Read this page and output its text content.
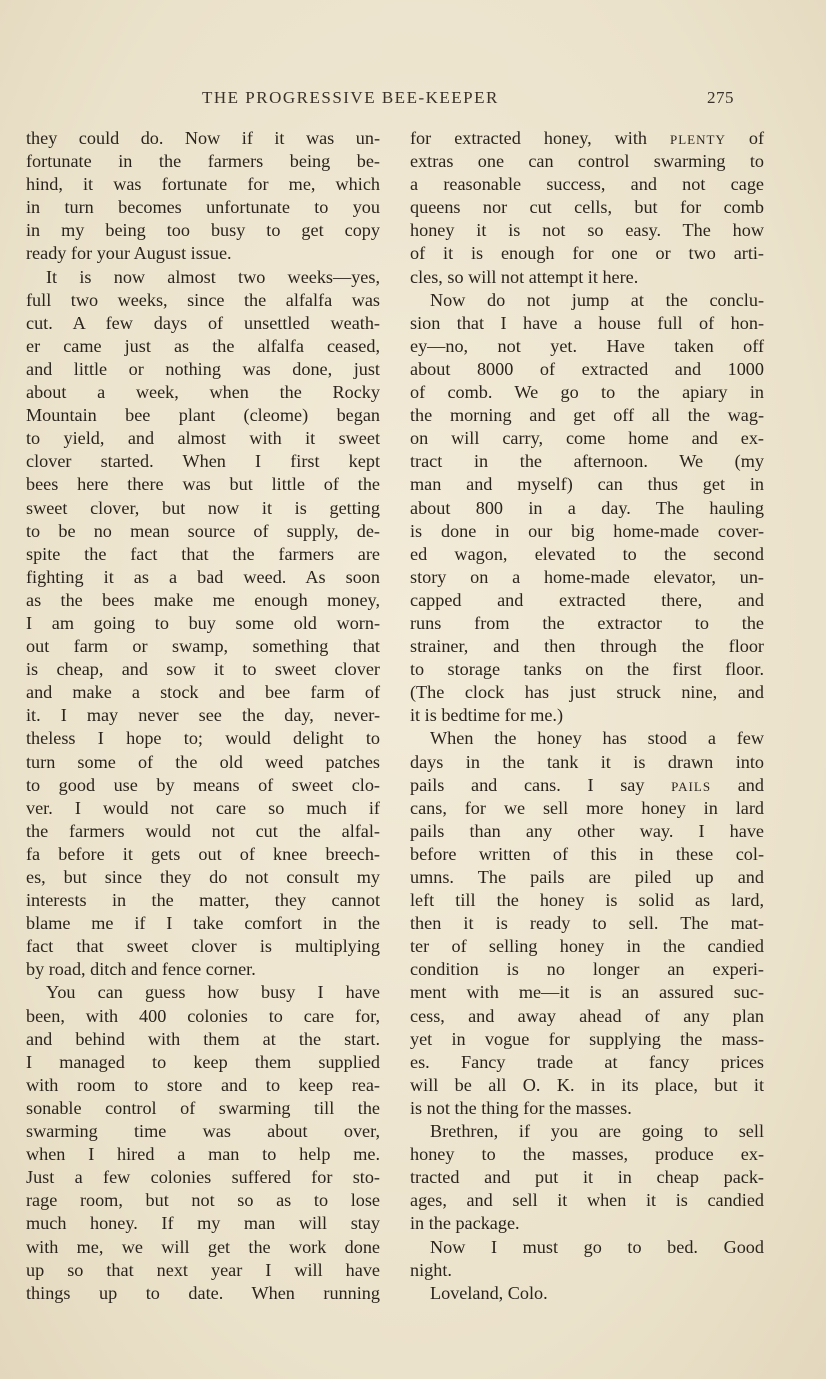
THE PROGRESSIVE BEE-KEEPER	275
they could do. Now if it was un-
fortunate in the farmers being be-
hind, it was fortunate for me, which
in turn becomes unfortunate to you
in my being too busy to get copy
ready for your August issue.
It is now almost two weeks—yes,
full two weeks, since the alfalfa was
cut. A few days of unsettled weath-
er came just as the alfalfa ceased,
and little or nothing was done, just
about a week, when the Rocky
Mountain bee plant (cleome) began
to yield, and almost with it sweet
clover started. When I first kept
bees here there was but little of the
sweet clover, but now it is getting
to be no mean source of supply, de-
spite the fact that the farmers are
fighting it as a bad weed. As soon
as the bees make me enough money,
I am going to buy some old worn-
out farm or swamp, something that
is cheap, and sow it to sweet clover
and make a stock and bee farm of
it. I may never see the day, never-
theless I hope to; would delight to
turn some of the old weed patches
to good use by means of sweet clo-
ver. I would not care so much if
the farmers would not cut the alfal-
fa before it gets out of knee breech-
es, but since they do not consult my
interests in the matter, they cannot
blame me if I take comfort in the
fact that sweet clover is multiplying
by road, ditch and fence corner.
You can guess how busy I have
been, with 400 colonies to care for,
and behind with them at the start.
I managed to keep them supplied
with room to store and to keep rea-
sonable control of swarming till the
swarming time was about over,
when I hired a man to help me.
Just a few colonies suffered for sto-
rage room, but not so as to lose
much honey. If my man will stay
with me, we will get the work done
up so that next year I will have
things up to date. When running
for extracted honey, with plenty of
extras one can control swarming to
a reasonable success, and not cage
queens nor cut cells, but for comb
honey it is not so easy. The how
of it is enough for one or two arti-
cles, so will not attempt it here.
Now do not jump at the conclu-
sion that I have a house full of hon-
ey—no, not yet. Have taken off
about 8000 of extracted and 1000
of comb. We go to the apiary in
the morning and get off all the wag-
on will carry, come home and ex-
tract in the afternoon. We (my
man and myself) can thus get in
about 800 in a day. The hauling
is done in our big home-made cover-
ed wagon, elevated to the second
story on a home-made elevator, un-
capped and extracted there, and
runs from the extractor to the
strainer, and then through the floor
to storage tanks on the first floor.
(The clock has just struck nine, and
it is bedtime for me.)
When the honey has stood a few
days in the tank it is drawn into
pails and cans. I say pails and
cans, for we sell more honey in lard
pails than any other way. I have
before written of this in these col-
umns. The pails are piled up and
left till the honey is solid as lard,
then it is ready to sell. The mat-
ter of selling honey in the candied
condition is no longer an experi-
ment with me—it is an assured suc-
cess, and away ahead of any plan
yet in vogue for supplying the mass-
es. Fancy trade at fancy prices
will be all O. K. in its place, but it
is not the thing for the masses.
Brethren, if you are going to sell
honey to the masses, produce ex-
tracted and put it in cheap pack-
ages, and sell it when it is candied
in the package.
Now I must go to bed. Good
night.
Loveland, Colo.
